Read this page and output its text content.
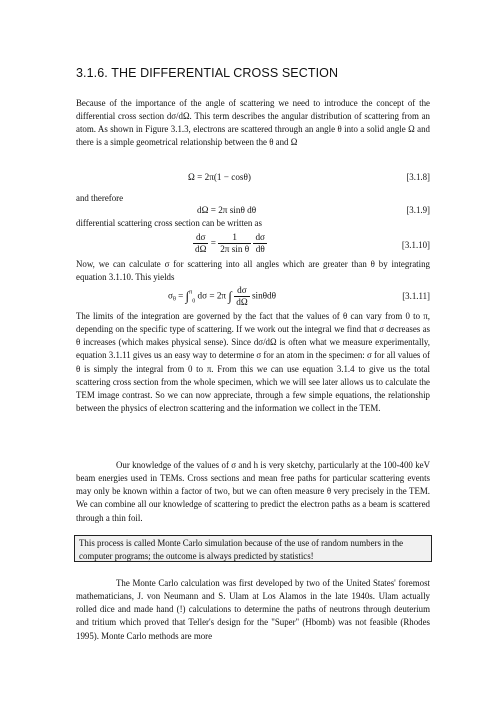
3.1.6. THE DIFFERENTIAL CROSS SECTION

Because of the importance of the angle of scattering we need to introduce the concept of the differential cross section dσ/dΩ. This term describes the angular distribution of scattering from an atom. As shown in Figure 3.1.3, electrons are scattered through an angle θ into a solid angle Ω and there is a simple geometrical relationship between the θ and Ω

Ω = 2π(1 − cosθ)	[3.1.8]

and therefore

dΩ = 2π sinθ dθ	[3.1.9]

differential scattering cross section can be written as

$\frac{d\sigma}{d\Omega} = \frac{1}{\text{2π sin θ}}$
$\frac{d\sigma}{d\theta}$	[3.1.10]

Now, we can calculate σ for scattering into all angles which are greater than θ by integrating equation 3.1.10. This yields

$\sigma_\theta = \int^\pi_0$ dσ = 2π ∫ $\frac{d\sigma}{d\Omega}$ sinθdθ	[3.1.11]

The limits of the integration are governed by the fact that the values of θ can vary from 0 to π, depending on the specific type of scattering. If we work out the integral we find that σ decreases as θ increases (which makes physical sense). Since dσ/dΩ is often what we measure experimentally, equation 3.1.11 gives us an easy way to determine σ for an atom in the specimen: σ for all values of θ is simply the integral from 0 to π. From this we can use equation 3.1.4 to give us the total scattering cross section from the whole specimen, which we will see later allows us to calculate the TEM image contrast. So we can now appreciate, through a few simple equations, the relationship between the physics of electron scattering and the information we collect in the TEM.

Our knowledge of the values of σ and h is very sketchy, particularly at the 100-400 keV beam energies used in TEMs. Cross sections and mean free paths for particular scattering events may only be known within a factor of two, but we can often measure θ very precisely in the TEM. We can combine all our knowledge of scattering to predict the electron paths as a beam is scattered through a thin foil.

This process is called Monte Carlo simulation because of the use of random numbers in the computer programs; the outcome is always predicted by statistics!

The Monte Carlo calculation was first developed by two of the United States' foremost mathematicians, J. von Neumann and S. Ulam at Los Alamos in the late 1940s. Ulam actually rolled dice and made hand (!) calculations to determine the paths of neutrons through deuterium and tritium which proved that Teller's design for the "Super" (Hbomb) was not feasible (Rhodes 1995). Monte Carlo methods are more
